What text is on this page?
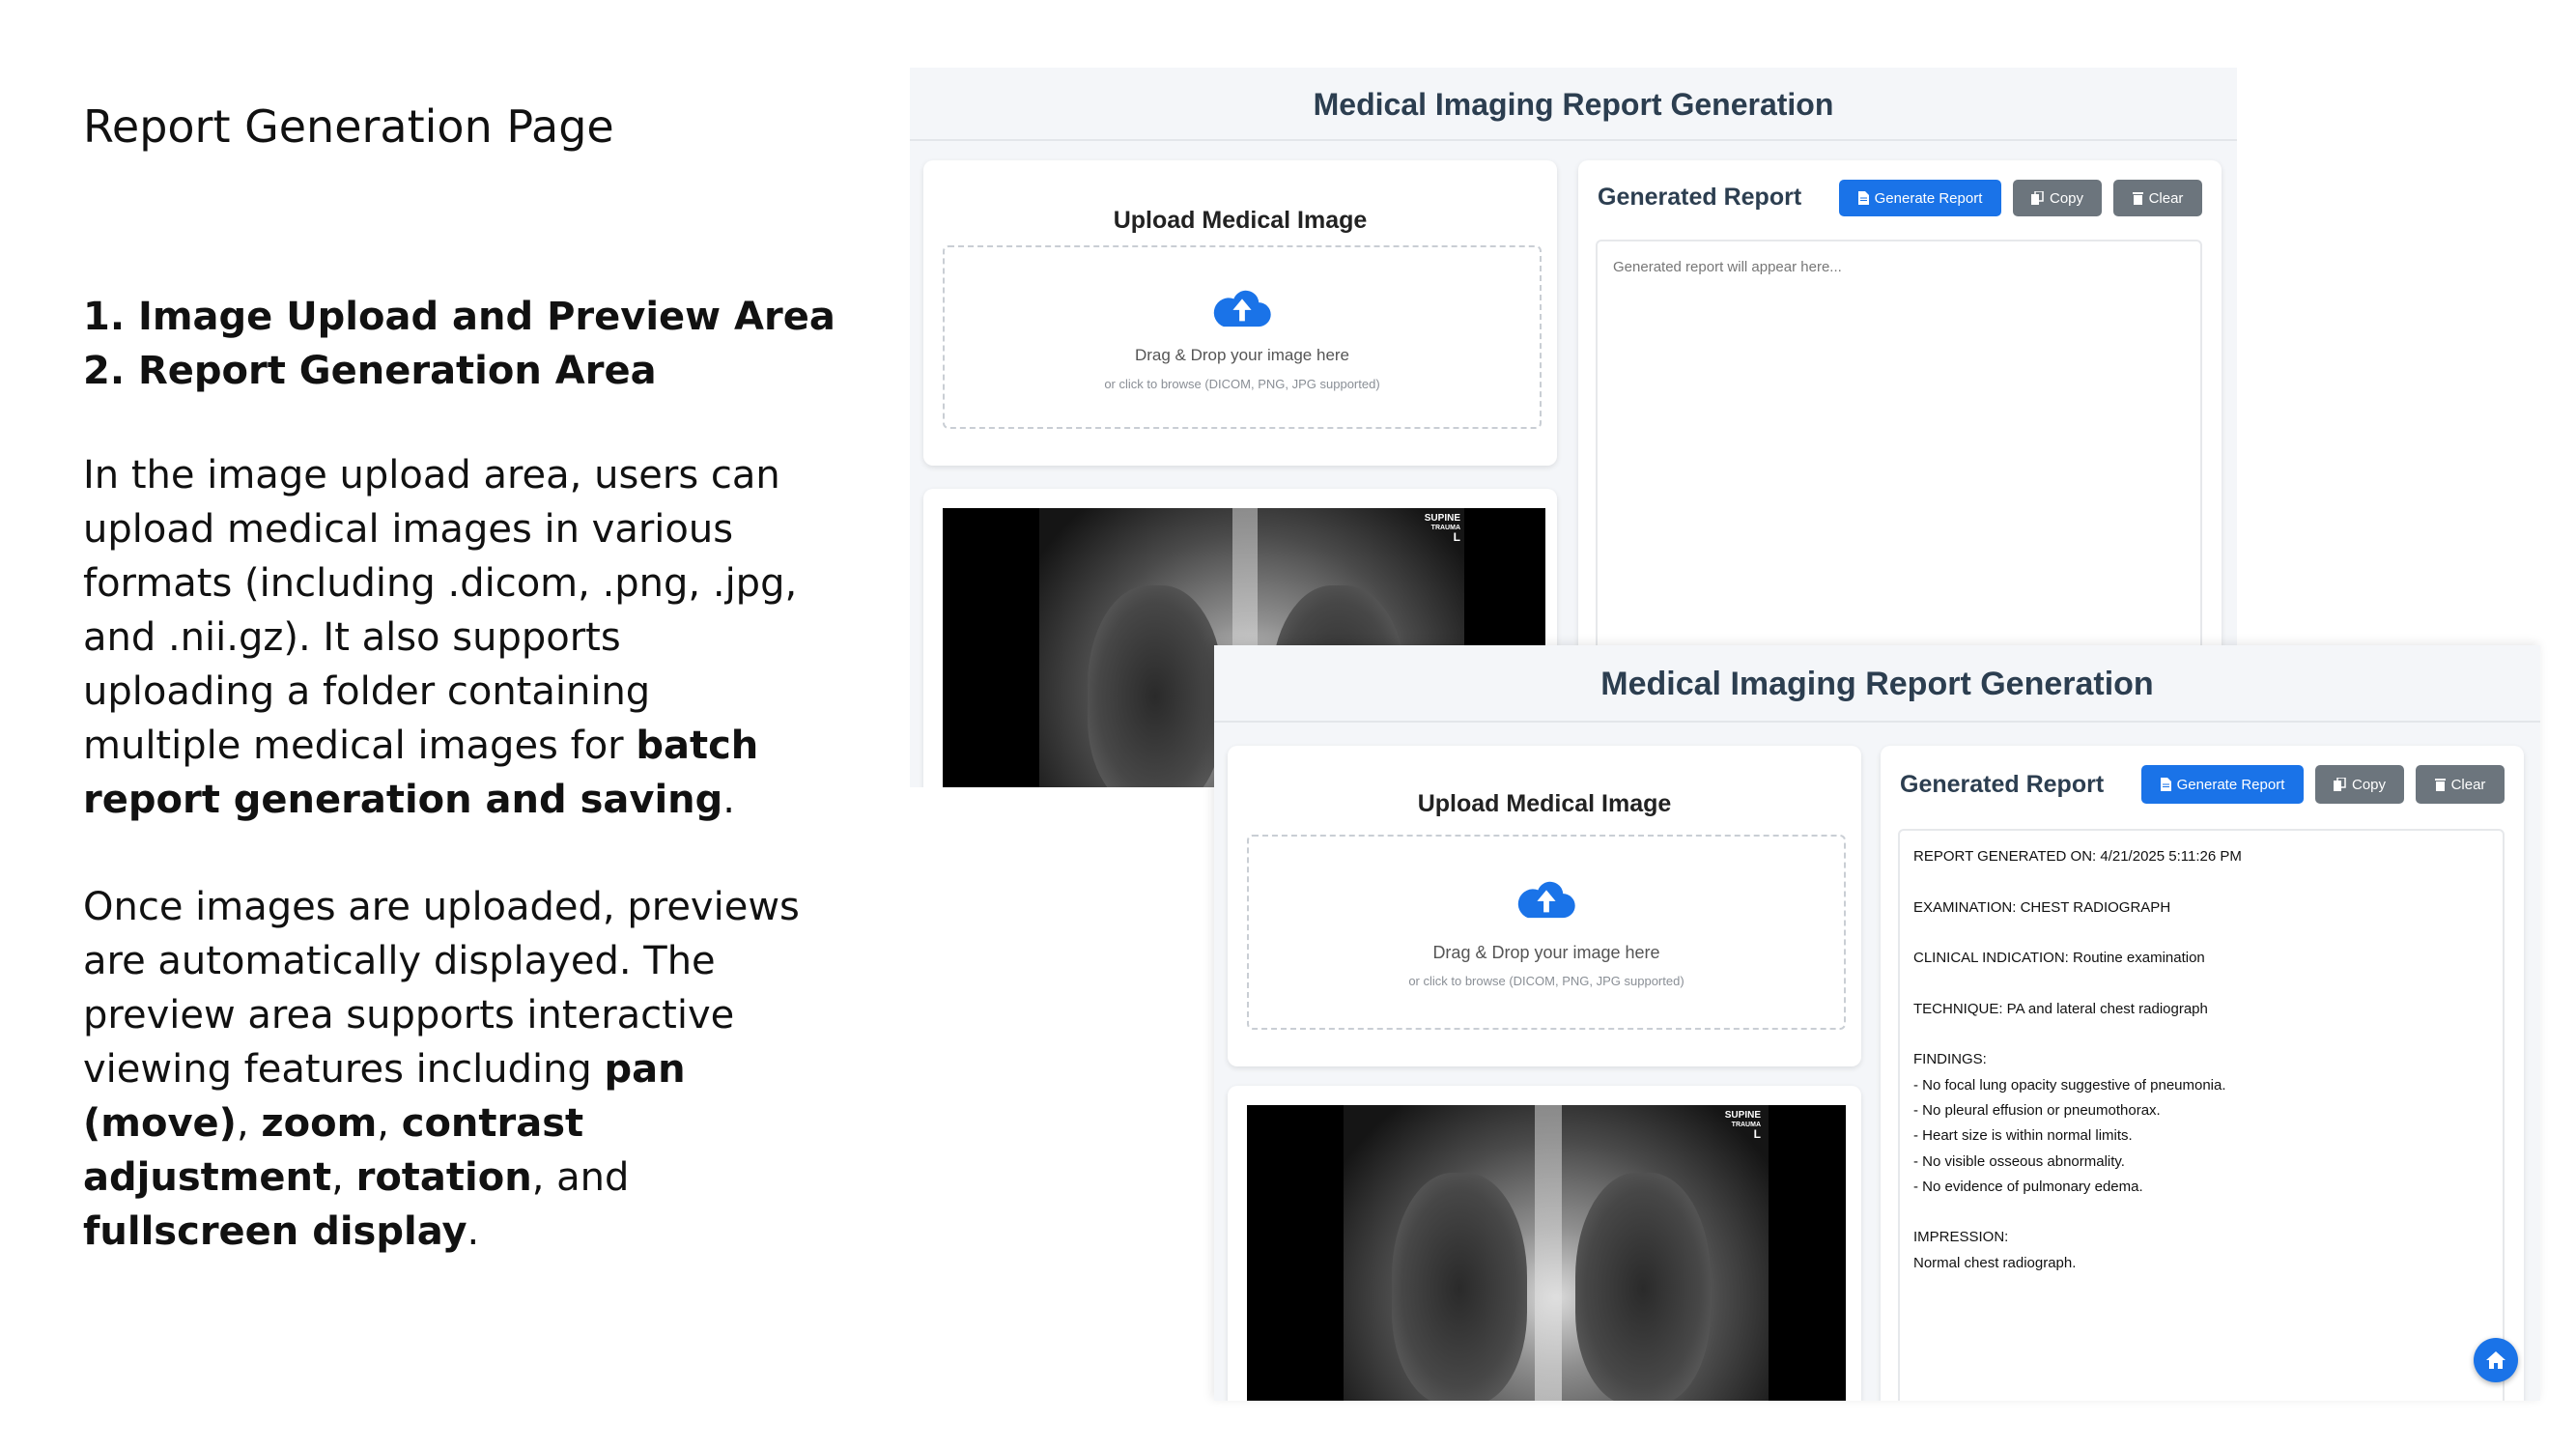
Report Generation Page
1. Image Upload and Preview Area
2. Report Generation Area
In the image upload area, users can upload medical images in various formats (including .dicom, .png, .jpg, and .nii.gz). It also supports uploading a folder containing multiple medical images for batch report generation and saving.
Once images are uploaded, previews are automatically displayed. The preview area supports interactive viewing features including pan (move), zoom, contrast adjustment, rotation, and fullscreen display.
Medical Imaging Report Generation
Upload Medical Image
Drag & Drop your image here
or click to browse (DICOM, PNG, JPG supported)
SUPINE
TRAUMA
L
Generated Report	Generate Report	Copy	Clear
Generated report will appear here...
Medical Imaging Report Generation
Upload Medical Image
Drag & Drop your image here
or click to browse (DICOM, PNG, JPG supported)
SUPINE
TRAUMA
L
Generated Report	Generate Report	Copy	Clear
REPORT GENERATED ON: 4/21/2025 5:11:26 PM

EXAMINATION: CHEST RADIOGRAPH

CLINICAL INDICATION: Routine examination

TECHNIQUE: PA and lateral chest radiograph

FINDINGS:
- No focal lung opacity suggestive of pneumonia.
- No pleural effusion or pneumothorax.
- Heart size is within normal limits.
- No visible osseous abnormality.
- No evidence of pulmonary edema.

IMPRESSION:
Normal chest radiograph.
